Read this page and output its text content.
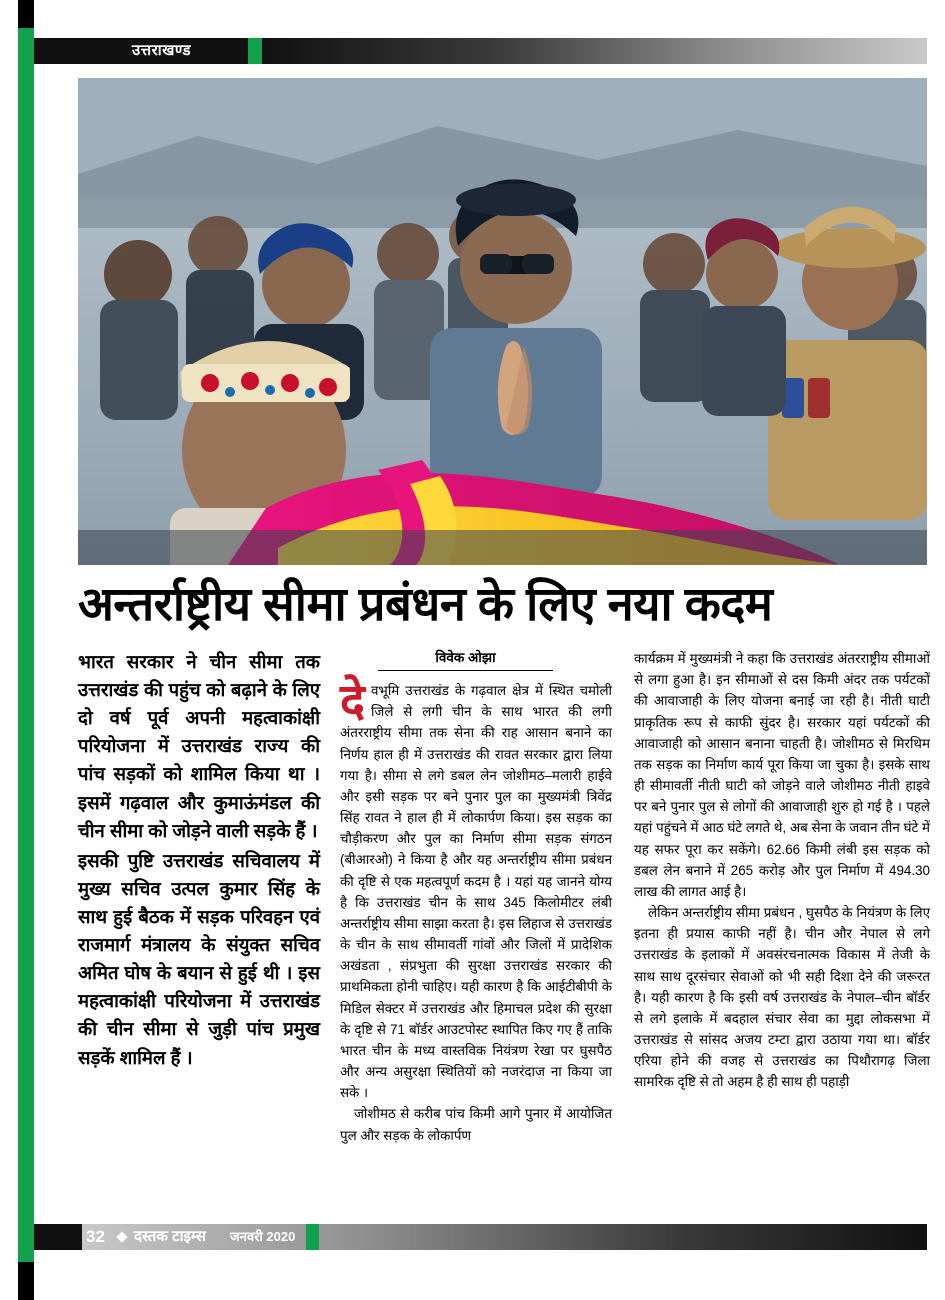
उत्तराखण्ड
अन्तर्राष्ट्रीय सीमा प्रबंधन के लिए नया कदम

भारत सरकार ने चीन सीमा तक उत्तराखंड की पहुंच को बढ़ाने के लिए दो वर्ष पूर्व अपनी महत्वाकांक्षी परियोजना में उत्तराखंड राज्य की पांच सड़कों को शामिल किया था । इसमें गढ़वाल और कुमाऊंमंडल की चीन सीमा को जोड़ने वाली सड़के हैं ।

इसकी पुष्टि उत्तराखंड सचिवालय में मुख्य सचिव उत्पल कुमार सिंह के साथ हुई बैठक में सड़क परिवहन एवं राजमार्ग मंत्रालय के संयुक्त सचिव अमित घोष के बयान से हुई थी । इस महत्वाकांक्षी परियोजना में उत्तराखंड की चीन सीमा से जुड़ी पांच प्रमुख सड़कें शामिल हैं ।

विवेक ओझा

देवभूमि उत्तराखंड के गढ़वाल क्षेत्र में स्थित चमोली जिले से लगी चीन के साथ भारत की लगी अंतरराष्ट्रीय सीमा तक सेना की राह आसान बनाने का निर्णय हाल ही में उत्तराखंड की रावत सरकार द्वारा लिया गया है। सीमा से लगे डबल लेन जोशीमठ–मलारी हाईवे और इसी सड़क पर बने पुनार पुल का मुख्यमंत्री त्रिवेंद्र सिंह रावत ने हाल ही में लोकार्पण किया। इस सड़क का चौड़ीकरण और पुल का निर्माण सीमा सड़क संगठन (बीआरओ) ने किया है और यह अन्तर्राष्ट्रीय सीमा प्रबंधन की दृष्टि से एक महत्वपूर्ण कदम है । यहां यह जानने योग्य है कि उत्तराखंड चीन के साथ 345 किलोमीटर लंबी अन्तर्राष्ट्रीय सीमा साझा करता है। इस लिहाज से उत्तराखंड के चीन के साथ सीमावर्ती गांवों और जिलों में प्रादेशिक अखंडता , संप्रभुता की सुरक्षा उत्तराखंड सरकार की प्राथमिकता होनी चाहिए। यही कारण है कि आईटीबीपी के मिडिल सेक्टर में उत्तराखंड और हिमाचल प्रदेश की सुरक्षा के दृष्टि से 71 बॉर्डर आउटपोस्ट स्थापित किए गए हैं ताकि भारत चीन के मध्य वास्तविक नियंत्रण रेखा पर घुसपैठ और अन्य असुरक्षा स्थितियों को नजरंदाज ना किया जा सके ।

जोशीमठ से करीब पांच किमी आगे पुनार में आयोजित पुल और सड़क के लोकार्पण

कार्यक्रम में मुख्यमंत्री ने कहा कि उत्तराखंड अंतरराष्ट्रीय सीमाओं से लगा हुआ है। इन सीमाओं से दस किमी अंदर तक पर्यटकों की आवाजाही के लिए योजना बनाई जा रही है। नीती घाटी प्राकृतिक रूप से काफी सुंदर है। सरकार यहां पर्यटकों की आवाजाही को आसान बनाना चाहती है। जोशीमठ से मिरथिम तक सड़क का निर्माण कार्य पूरा किया जा चुका है। इसके साथ ही सीमावर्ती नीती घाटी को जोड़ने वाले जोशीमठ नीती हाइवे पर बने पुनार पुल से लोगों की आवाजाही शुरु हो गई है । पहले यहां पहुंचने में आठ घंटे लगते थे, अब सेना के जवान तीन घंटे में यह सफर पूरा कर सकेंगे। 62.66 किमी लंबी इस सड़क को डबल लेन बनाने में 265 करोड़ और पुल निर्माण में 494.30 लाख की लागत आई है।

लेकिन अन्तर्राष्ट्रीय सीमा प्रबंधन , घुसपैठ के नियंत्रण के लिए इतना ही प्रयास काफी नहीं है। चीन और नेपाल से लगे उत्तराखंड के इलाकों में अवसंरचनात्मक विकास में तेजी के साथ साथ दूरसंचार सेवाओं को भी सही दिशा देने की जरूरत है। यही कारण है कि इसी वर्ष उत्तराखंड के नेपाल–चीन बॉर्डर से लगे इलाके में बदहाल संचार सेवा का मुद्दा लोकसभा में उत्तराखंड से सांसद अजय टम्टा द्वारा उठाया गया था। बॉर्डर एरिया होने की वजह से उत्तराखंड का पिथौरागढ़ जिला सामरिक दृष्टि से तो अहम है ही साथ ही पहाड़ी

32 दस्तक टाइम्स जनवरी 2020
